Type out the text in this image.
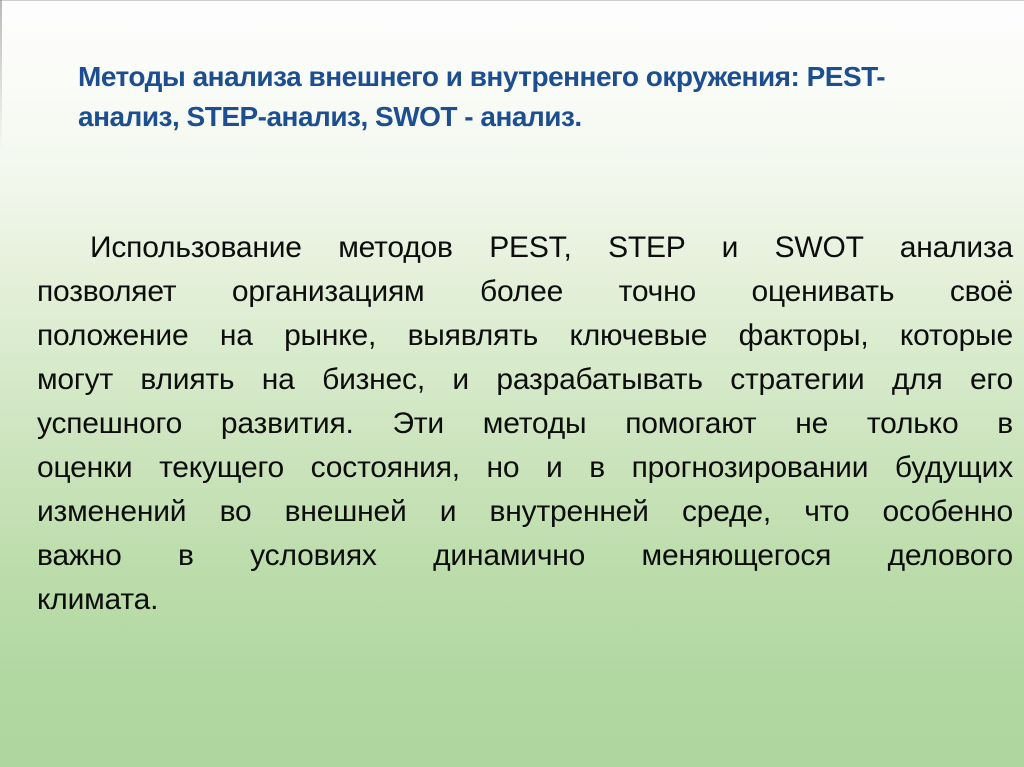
Методы анализа внешнего и внутреннего окружения: PEST-
анализ, STEP-анализ, SWOT - анализ.
Использование методов PEST, STEP и SWOT анализа
позволяет организациям более точно оценивать своё
положение на рынке, выявлять ключевые факторы, которые
могут влиять на бизнес, и разрабатывать стратегии для его
успешного развития. Эти методы помогают не только в
оценки текущего состояния, но и в прогнозировании будущих
изменений во внешней и внутренней среде, что особенно
важно в условиях динамично меняющегося делового
климата.
